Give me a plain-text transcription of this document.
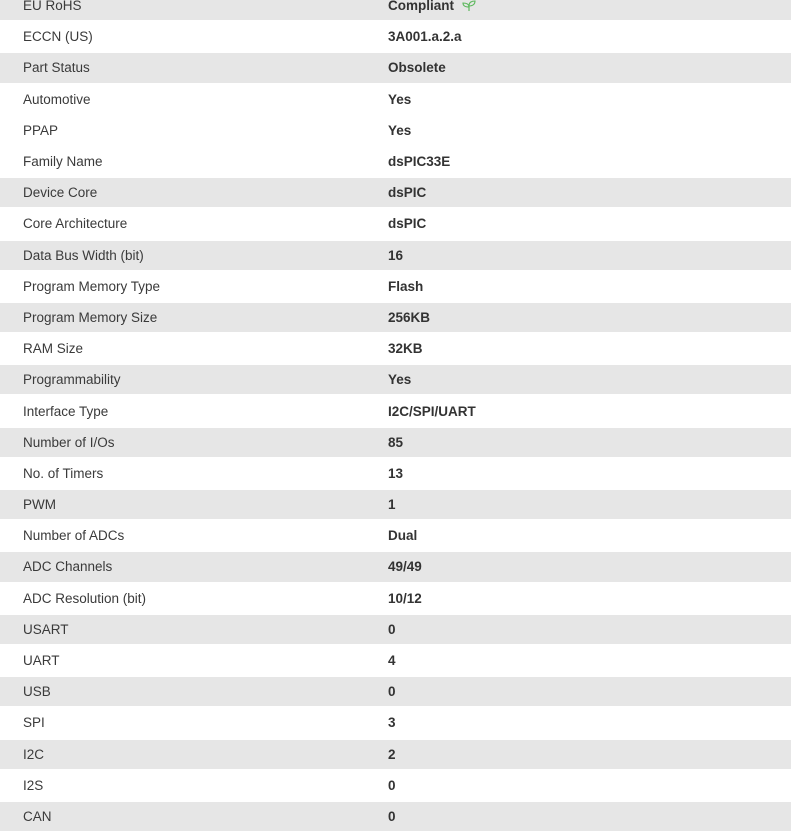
EU RoHS	Compliant
ECCN (US)	3A001.a.2.a
Part Status	Obsolete
Automotive	Yes
PPAP	Yes
Family Name	dsPIC33E
Device Core	dsPIC
Core Architecture	dsPIC
Data Bus Width (bit)	16
Program Memory Type	Flash
Program Memory Size	256KB
RAM Size	32KB
Programmability	Yes
Interface Type	I2C/SPI/UART
Number of I/Os	85
No. of Timers	13
PWM	1
Number of ADCs	Dual
ADC Channels	49/49
ADC Resolution (bit)	10/12
USART	0
UART	4
USB	0
SPI	3
I2C	2
I2S	0
CAN	0
